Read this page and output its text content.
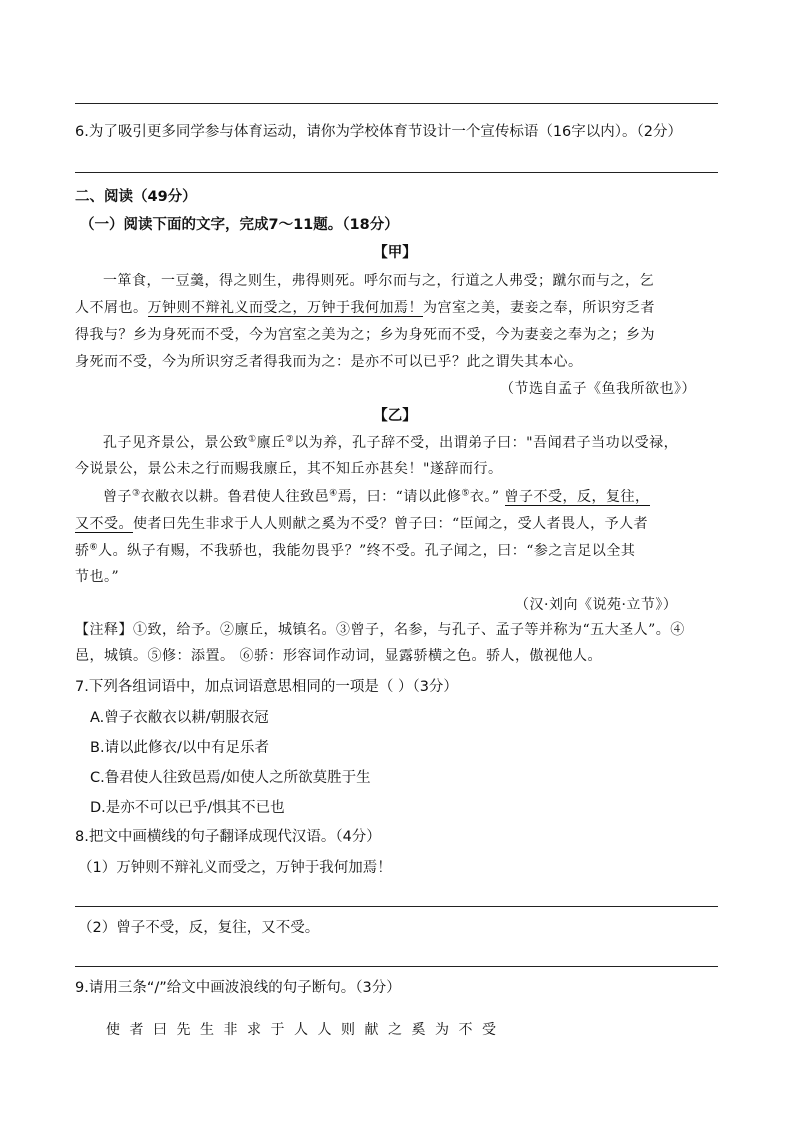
6.为了吸引更多同学参与体育运动，请你为学校体育节设计一个宣传标语（16字以内）。（2分）
二、阅读（49分）
（一）阅读下面的文字，完成7～11题。（18分）
【甲】
一箪食，一豆羹，得之则生，弗得则死。呼尔而与之，行道之人弗受；蹴尔而与之，乞
人不屑也。万钟则不辩礼义而受之，万钟于我何加焉！为宫室之美，妻妾之奉，所识穷乏者
得我与？乡为身死而不受，今为宫室之美为之；乡为身死而不受，今为妻妾之奉为之；乡为
身死而不受，今为所识穷乏者得我而为之：是亦不可以已乎？此之谓失其本心。
（节选自孟子《鱼我所欲也》）
【乙】
孔子见齐景公，景公致①廪丘②以为养，孔子辞不受，出谓弟子曰："吾闻君子当功以受禄，
今说景公，景公未之行而赐我廪丘，其不知丘亦甚矣！"遂辞而行。
曾子③衣敝衣以耕。鲁君使人往致邑④焉，曰：“请以此修⑤衣。” 曾子不受，反，复往，
又不受。使者曰先生非求于人人则献之奚为不受？曾子曰：“臣闻之，受人者畏人，予人者
骄⑥人。纵子有赐，不我骄也，我能勿畏乎？”终不受。孔子闻之，曰：“参之言足以全其
节也。”
（汉·刘向《说苑·立节》）
【注释】①致，给予。②廪丘，城镇名。③曾子，名参，与孔子、孟子等并称为“五大圣人”。④
邑，城镇。⑤修：添置。 ⑥骄：形容词作动词，显露骄横之色。骄人，傲视他人。
7.下列各组词语中，加点词语意思相同的一项是（ ）（3分）
A.曾子衣敝衣以耕/朝服衣冠
B.请以此修衣/以中有足乐者
C.鲁君使人往致邑焉/如使人之所欲莫胜于生
D.是亦不可以已乎/惧其不已也
8.把文中画横线的句子翻译成现代汉语。（4分）
（1）万钟则不辩礼义而受之，万钟于我何加焉！
（2）曾子不受，反，复往，又不受。
9.请用三条“/”给文中画波浪线的句子断句。（3分）
使者曰先生非求于人人则献之奚为不受
